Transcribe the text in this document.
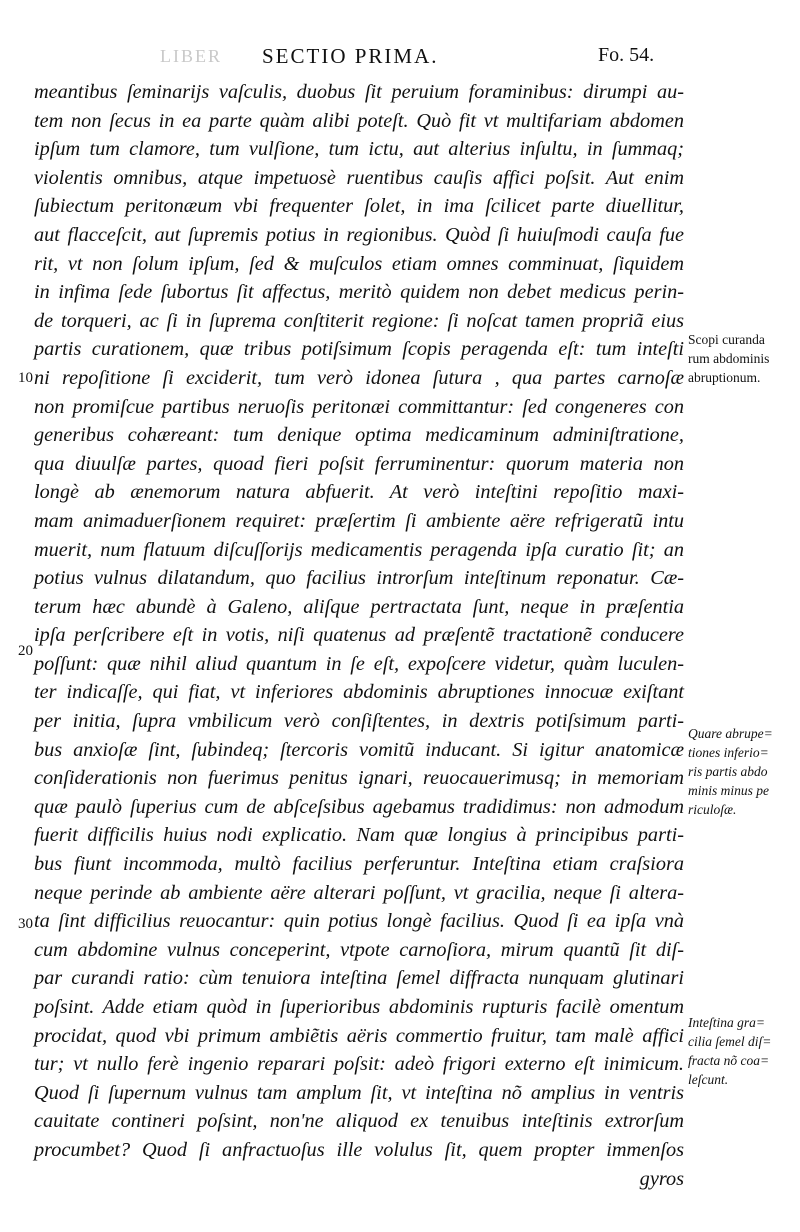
LIBER SECTIO PRIMA.	Fo. 54.
10
20
30
meantibus ſeminarijs vaſculis, duobus ſit peruium foraminibus: dirumpi au-
tem non ſecus in ea parte quàm alibi poteſt. Quò fit vt multifariam abdomen
ipſum tum clamore, tum vulſione, tum ictu, aut alterius inſultu, in ſummaq;
violentis omnibus, atque impetuosè ruentibus cauſis affici poſsit. Aut enim
ſubiectum peritonæum vbi frequenter ſolet, in ima ſcilicet parte diuellitur,
aut flacceſcit, aut ſupremis potius in regionibus. Quòd ſi huiuſmodi cauſa fue
rit, vt non ſolum ipſum, ſed & muſculos etiam omnes comminuat, ſiquidem
in infima ſede ſubortus ſit affectus, meritò quidem non debet medicus perin-
de torqueri, ac ſi in ſuprema conſtiterit regione: ſi noſcat tamen propriã eius
partis curationem, quæ tribus potiſsimum ſcopis peragenda eſt: tum inteſti
ni repoſitione ſi exciderit, tum verò idonea ſutura , qua partes carnoſæ
non promiſcue partibus neruoſis peritonæi committantur: ſed congeneres con
generibus cohæreant: tum denique optima medicaminum adminiſtratione,
qua diuulſæ partes, quoad fieri poſsit ferruminentur: quorum materia non
longè ab ænemorum natura abfuerit. At verò inteſtini repoſitio maxi-
mam animaduerſionem requiret: præſertim ſi ambiente aëre refrigeratũ intu
muerit, num flatuum diſcuſſorijs medicamentis peragenda ipſa curatio ſit; an
potius vulnus dilatandum, quo facilius introrſum inteſtinum reponatur. Cæ-
terum hæc abundè à Galeno, aliſque pertractata ſunt, neque in præſentia
ipſa perſcribere eſt in votis, niſi quatenus ad præſentẽ tractationẽ conducere
poſſunt: quæ nihil aliud quantum in ſe eſt, expoſcere videtur, quàm luculen-
ter indicaſſe, qui fiat, vt inferiores abdominis abruptiones innocuæ exiſtant
per initia, ſupra vmbilicum verò conſiſtentes, in dextris potiſsimum parti-
bus anxioſæ ſint, ſubindeq; ſtercoris vomitũ inducant. Si igitur anatomicæ
conſiderationis non fuerimus penitus ignari, reuocauerimusq; in memoriam
quæ paulò ſuperius cum de abſceſsibus agebamus tradidimus: non admodum
fuerit difficilis huius nodi explicatio. Nam quæ longius à principibus parti-
bus fiunt incommoda, multò facilius perferuntur. Inteſtina etiam craſsiora
neque perinde ab ambiente aëre alterari poſſunt, vt gracilia, neque ſi altera-
ta ſint difficilius reuocantur: quin potius longè facilius. Quod ſi ea ipſa vnà
cum abdomine vulnus conceperint, vtpote carnoſiora, mirum quantũ ſit diſ-
par curandi ratio: cùm tenuiora inteſtina ſemel diffracta nunquam glutinari
poſsint. Adde etiam quòd in ſuperioribus abdominis rupturis facilè omentum
procidat, quod vbi primum ambiẽtis aëris commertio fruitur, tam malè affici
tur; vt nullo ferè ingenio reparari poſsit: adeò frigori externo eſt inimicum.
Quod ſi ſupernum vulnus tam amplum ſit, vt inteſtina nõ amplius in ventris
cauitate contineri poſsint, non'ne aliquod ex tenuibus inteſtinis extrorſum
procumbet? Quod ſi anfractuoſus ille volulus ſit, quem propter immenſos
gyros
Scopi curanda
rum abdominis
abruptionum.
Quare abrupe=
tiones inferio=
ris partis abdo
minis minus pe
riculoſæ.
Inteſtina gra=
cilia ſemel diſ=
fracta nõ coa=
leſcunt.
